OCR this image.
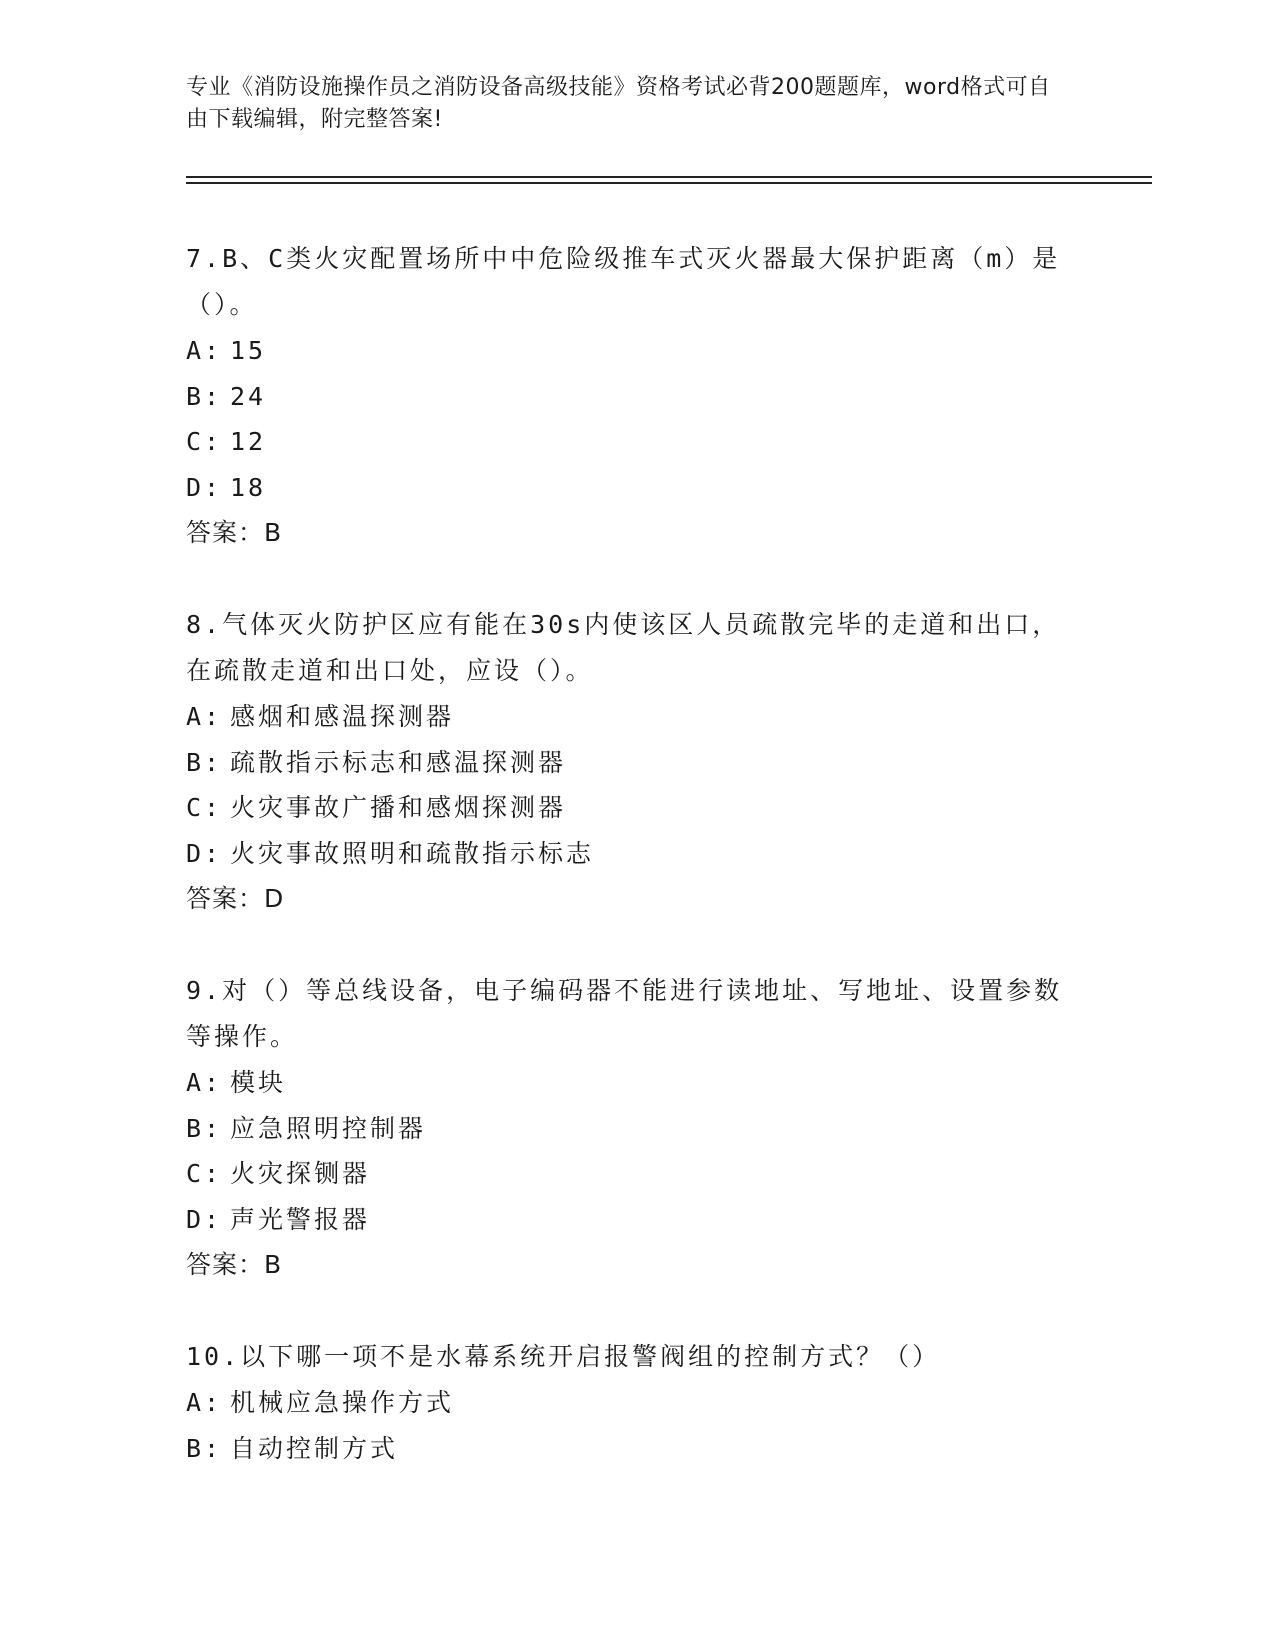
专业《消防设施操作员之消防设备高级技能》资格考试必背200题题库，word格式可自由下载编辑，附完整答案!

7.B、C类火灾配置场所中中危险级推车式灭火器最大保护距离（m）是（）。

A: 15

B: 24

C: 12

D: 18

答案：B

8.气体灭火防护区应有能在30s内使该区人员疏散完毕的走道和出口，在疏散走道和出口处，应设（）。

A: 感烟和感温探测器

B: 疏散指示标志和感温探测器

C: 火灾事故广播和感烟探测器

D: 火灾事故照明和疏散指示标志

答案：D

9.对（）等总线设备，电子编码器不能进行读地址、写地址、设置参数等操作。

A: 模块

B: 应急照明控制器

C: 火灾探铡器

D: 声光警报器

答案：B

10.以下哪一项不是水幕系统开启报警阀组的控制方式？（）

A: 机械应急操作方式

B: 自动控制方式
